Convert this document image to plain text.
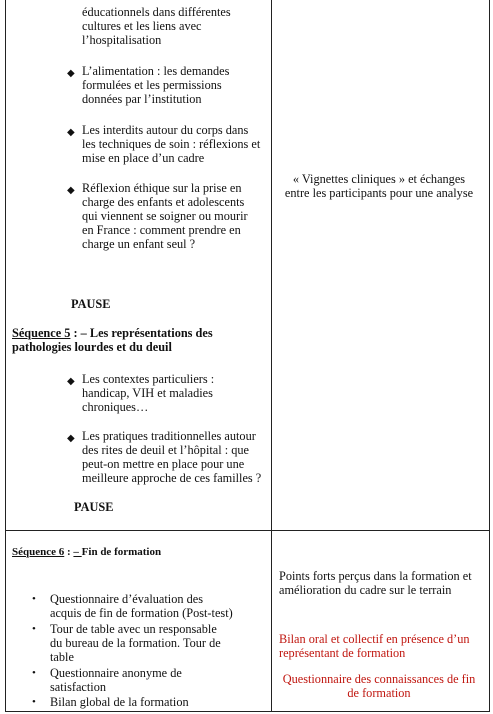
éducationnels dans différentes
cultures et les liens avec
l’hospitalisation
◆ L’alimentation : les demandes
formulées et les permissions
données par l’institution
◆ Les interdits autour du corps dans
les techniques de soin : réflexions et
mise en place d’un cadre
◆ Réflexion éthique sur la prise en
charge des enfants et adolescents
qui viennent se soigner ou mourir
en France : comment prendre en
charge un enfant seul ?
« Vignettes cliniques » et échanges
entre les participants pour une analyse
PAUSE
Séquence 5 : – Les représentations des
pathologies lourdes et du deuil
◆ Les contextes particuliers :
handicap, VIH et maladies
chroniques…
◆ Les pratiques traditionnelles autour
des rites de deuil et l’hôpital : que
peut-on mettre en place pour une
meilleure approche de ces familles ?
PAUSE
Séquence 6 : – Fin de formation
• Questionnaire d’évaluation des
acquis de fin de formation (Post-test)
• Tour de table avec un responsable
du bureau de la formation. Tour de
table
• Questionnaire anonyme de
satisfaction
• Bilan global de la formation
Points forts perçus dans la formation et
amélioration du cadre sur le terrain
Bilan oral et collectif en présence d’un
représentant de formation
Questionnaire des connaissances de fin
de formation
